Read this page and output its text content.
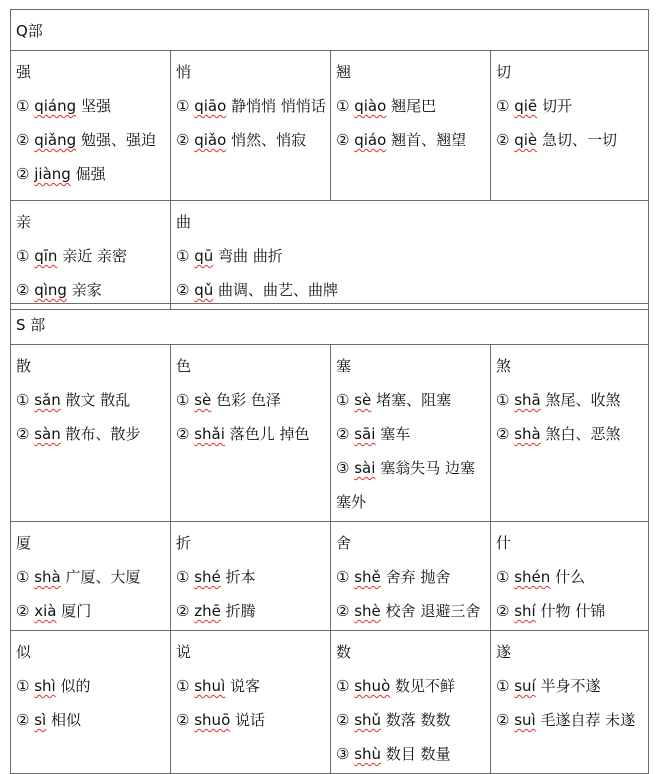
Q部			

强
① qiáng 坚强
② qiǎng 勉强、强迫
② jiàng 倔强	悄
① qiāo 静悄悄 悄悄话
② qiǎo 悄然、悄寂	翘
① qiào 翘尾巴
② qiáo 翘首、翘望	切
① qiē 切开
② qiè 急切、一切

亲
① qīn 亲近 亲密
② qìng 亲家	曲
① qū 弯曲 曲折
② qǔ 曲调、曲艺、曲牌		
S 部			

散
① sǎn 散文 散乱
② sàn 散布、散步	色
① sè 色彩 色泽
② shǎi 落色儿 掉色	塞
① sè 堵塞、阻塞
② sāi 塞车
③ sài 塞翁失马 边塞 塞外	煞
① shā 煞尾、收煞
② shà 煞白、恶煞

厦
① shà 广厦、大厦
② xià 厦门	折
① shé 折本
② zhē 折腾	舍
① shě 舍弃 抛舍
② shè 校舍 退避三舍	什
① shén 什么
② shí 什物 什锦

似
① shì 似的
② sì 相似	说
① shuì 说客
② shuō 说话	数
① shuò 数见不鲜
② shǔ 数落 数数
③ shù 数目 数量	遂
① suí 半身不遂
② suì 毛遂自荐 未遂
